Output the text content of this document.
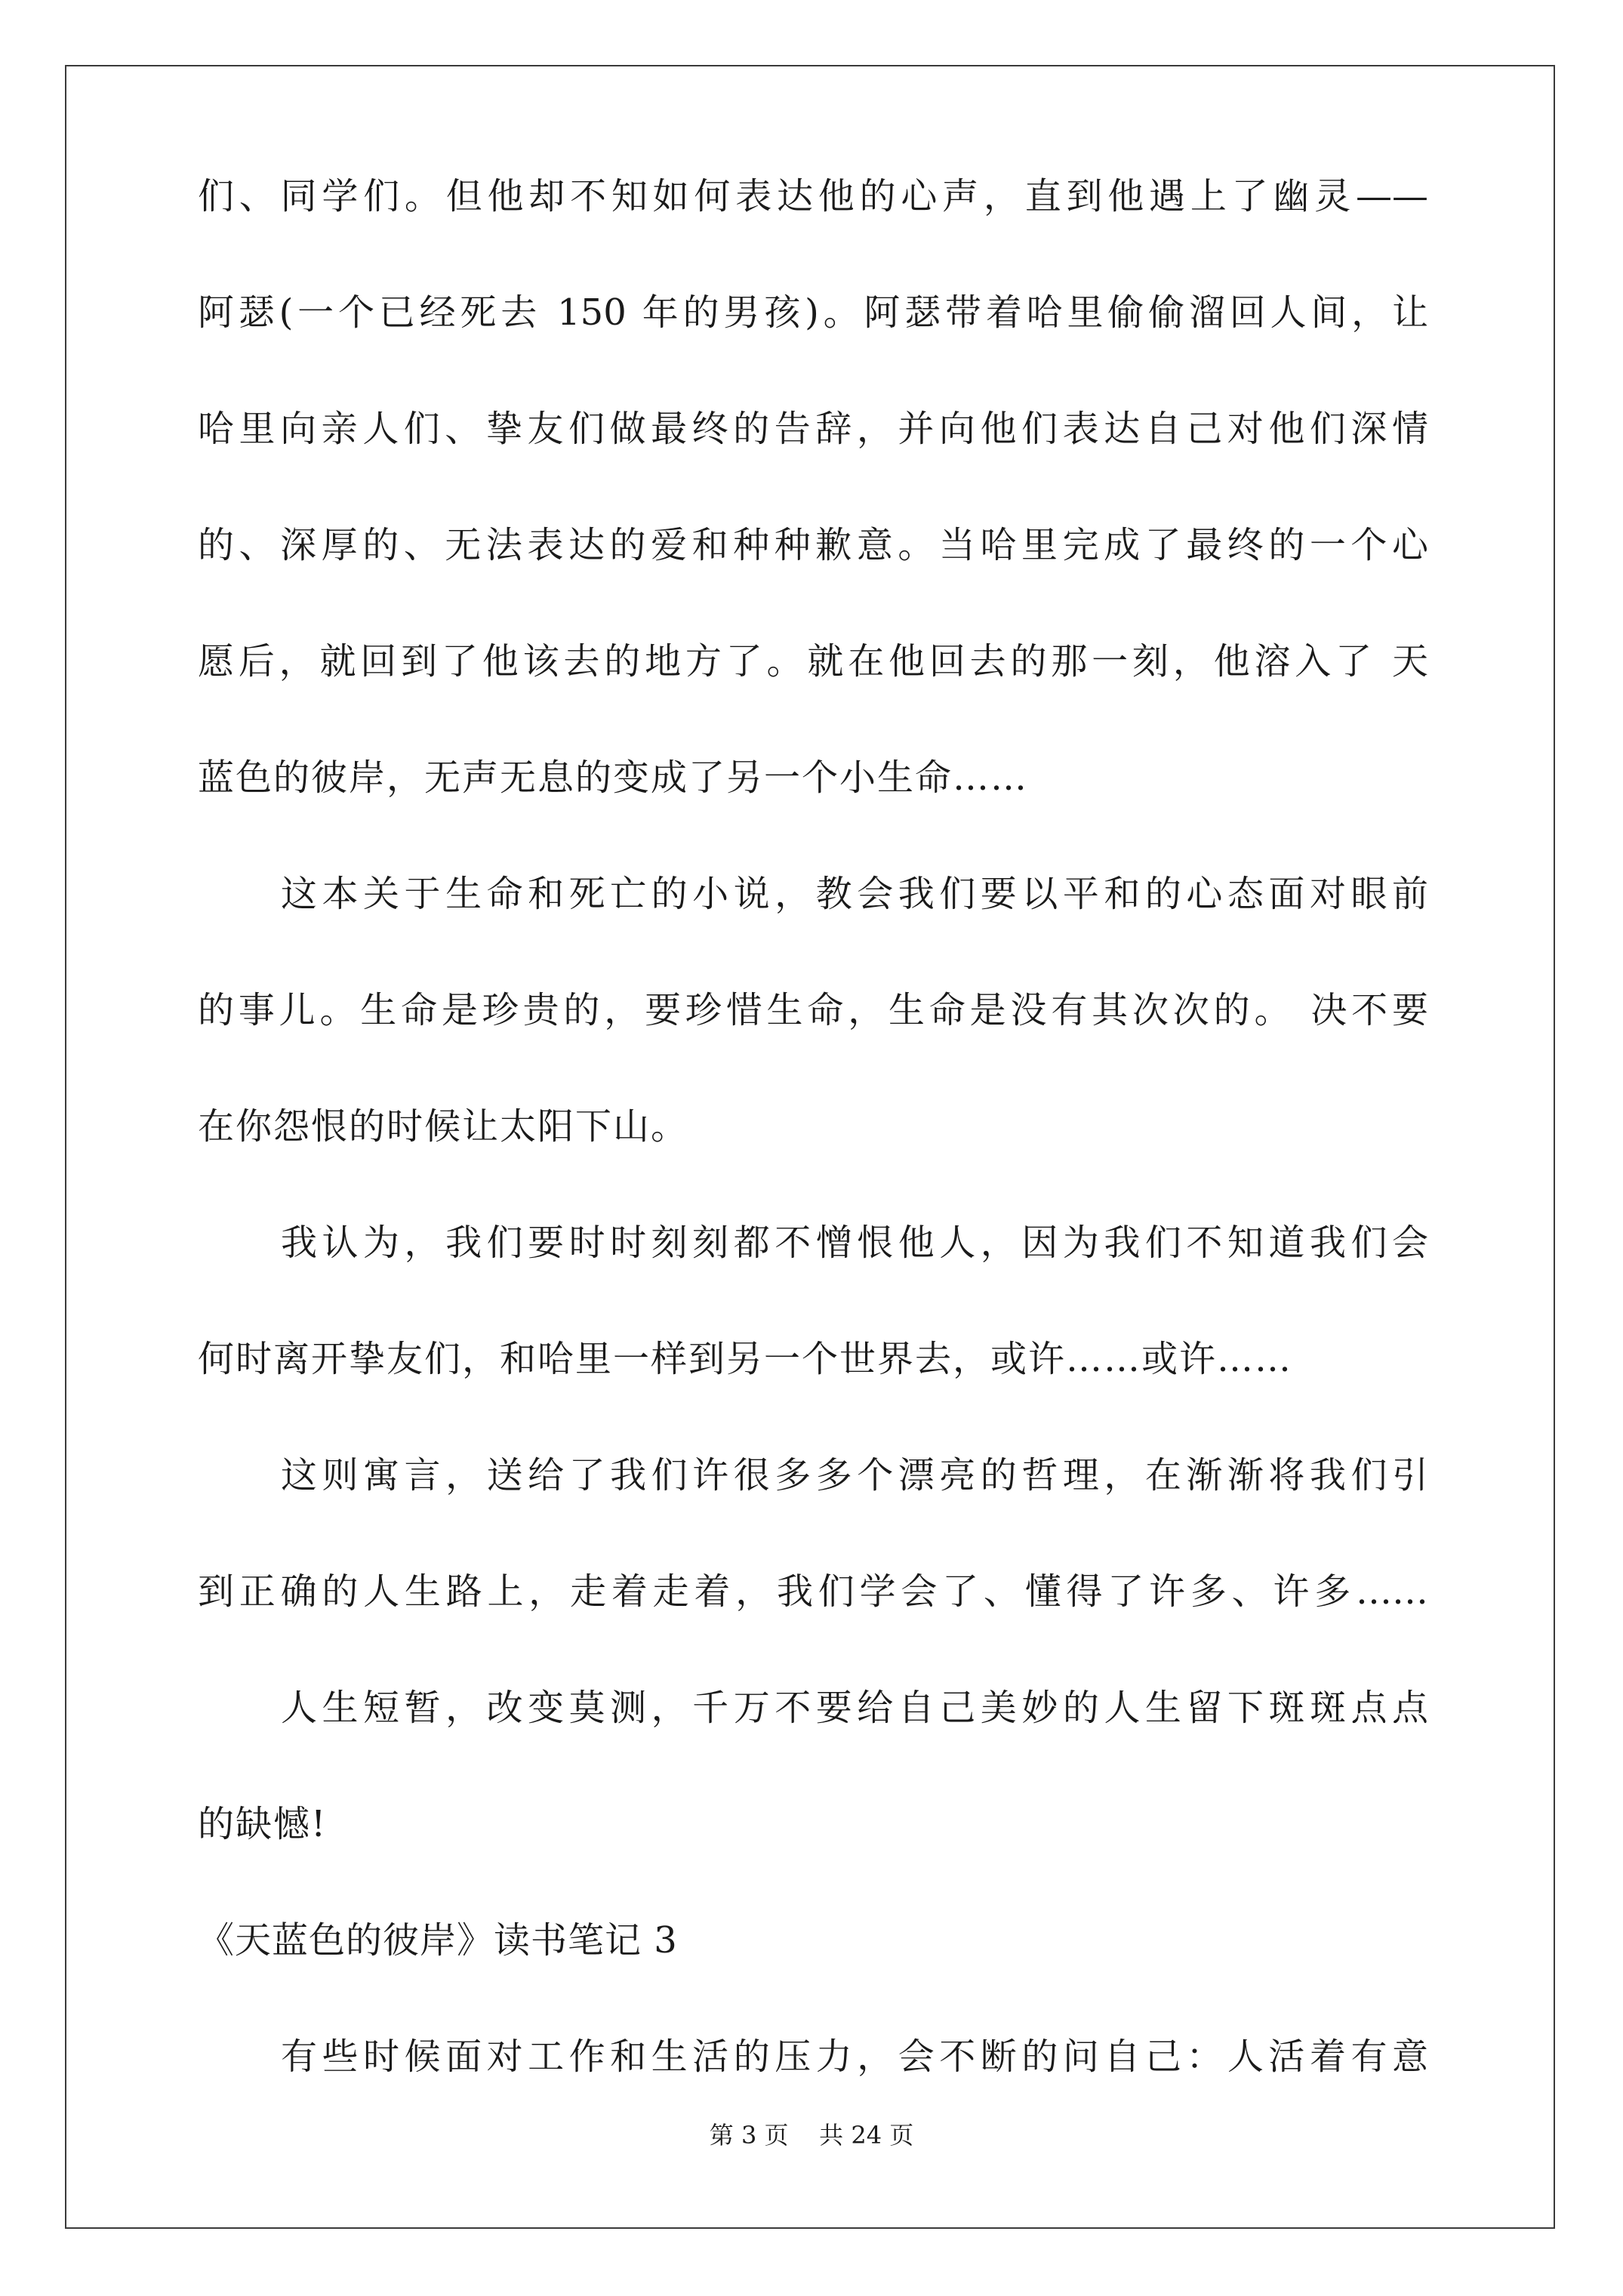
们、同学们。但他却不知如何表达他的心声，直到他遇上了幽灵——
阿瑟(一个已经死去 150 年的男孩)。阿瑟带着哈里偷偷溜回人间，让
哈里向亲人们、挚友们做最终的告辞，并向他们表达自己对他们深情
的、深厚的、无法表达的爱和种种歉意。当哈里完成了最终的一个心
愿后，就回到了他该去的地方了。就在他回去的那一刻，他溶入了 天
蓝色的彼岸，无声无息的变成了另一个小生命……
这本关于生命和死亡的小说，教会我们要以平和的心态面对眼前
的事儿。生命是珍贵的，要珍惜生命，生命是没有其次次的。 决不要
在你怨恨的时候让太阳下山。
我认为，我们要时时刻刻都不憎恨他人，因为我们不知道我们会
何时离开挚友们，和哈里一样到另一个世界去，或许……或许……
这则寓言，送给了我们许很多多个漂亮的哲理，在渐渐将我们引
到正确的人生路上，走着走着，我们学会了、懂得了许多、许多……
人生短暂，改变莫测，千万不要给自己美妙的人生留下斑斑点点
的缺憾!
《天蓝色的彼岸》读书笔记 3
有些时候面对工作和生活的压力，会不断的问自己：人活着有意
第 3 页    共 24 页
